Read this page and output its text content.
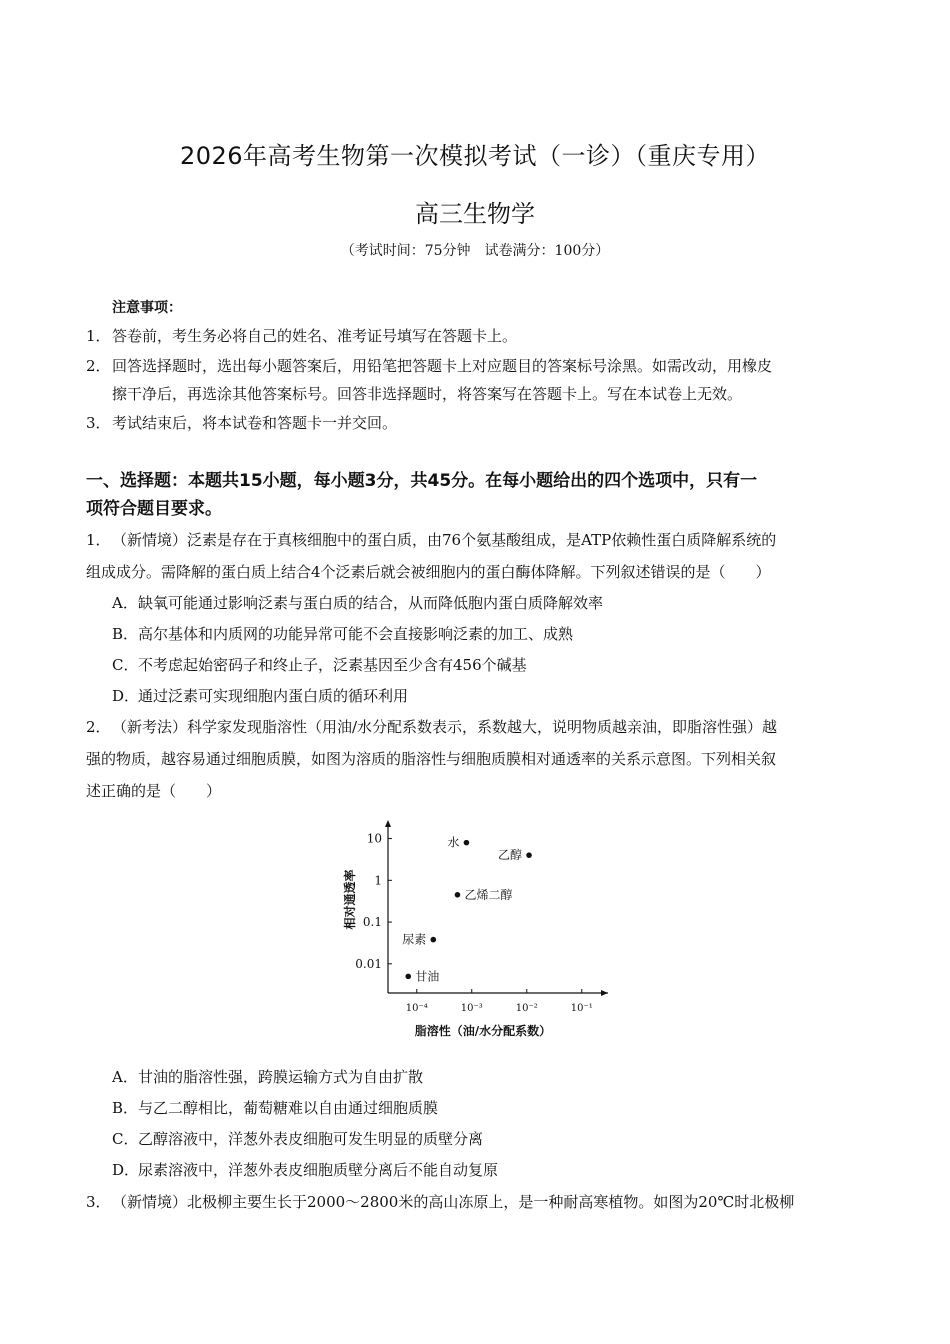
2026年高考生物第一次模拟考试（一诊）（重庆专用）
高三生物学
（考试时间：75分钟　试卷满分：100分）
注意事项：
1．答卷前，考生务必将自己的姓名、准考证号填写在答题卡上。
2．回答选择题时，选出每小题答案后，用铅笔把答题卡上对应题目的答案标号涂黑。如需改动，用橡皮
擦干净后，再选涂其他答案标号。回答非选择题时，将答案写在答题卡上。写在本试卷上无效。
3．考试结束后，将本试卷和答题卡一并交回。
一、选择题：本题共15小题，每小题3分，共45分。在每小题给出的四个选项中，只有一
项符合题目要求。
1．（新情境）泛素是存在于真核细胞中的蛋白质，由76个氨基酸组成，是ATP依赖性蛋白质降解系统的
组成成分。需降解的蛋白质上结合4个泛素后就会被细胞内的蛋白酶体降解。下列叙述错误的是（　　）
A．缺氧可能通过影响泛素与蛋白质的结合，从而降低胞内蛋白质降解效率
B．高尔基体和内质网的功能异常可能不会直接影响泛素的加工、成熟
C．不考虑起始密码子和终止子，泛素基因至少含有456个碱基
D．通过泛素可实现细胞内蛋白质的循环利用
2．（新考法）科学家发现脂溶性（用油/水分配系数表示，系数越大，说明物质越亲油，即脂溶性强）越
强的物质，越容易通过细胞质膜，如图为溶质的脂溶性与细胞质膜相对通透率的关系示意图。下列相关叙
述正确的是（　　）
10
1
0.1
0.01
10⁻⁴	10⁻³	10⁻²	10⁻¹
脂溶性（油/水分配系数）
相对通透率
水
乙醇
乙烯二醇
尿素
甘油
A．甘油的脂溶性强，跨膜运输方式为自由扩散
B．与乙二醇相比，葡萄糖难以自由通过细胞质膜
C．乙醇溶液中，洋葱外表皮细胞可发生明显的质壁分离
D．尿素溶液中，洋葱外表皮细胞质壁分离后不能自动复原
3．（新情境）北极柳主要生长于2000～2800米的高山冻原上，是一种耐高寒植物。如图为20℃时北极柳
